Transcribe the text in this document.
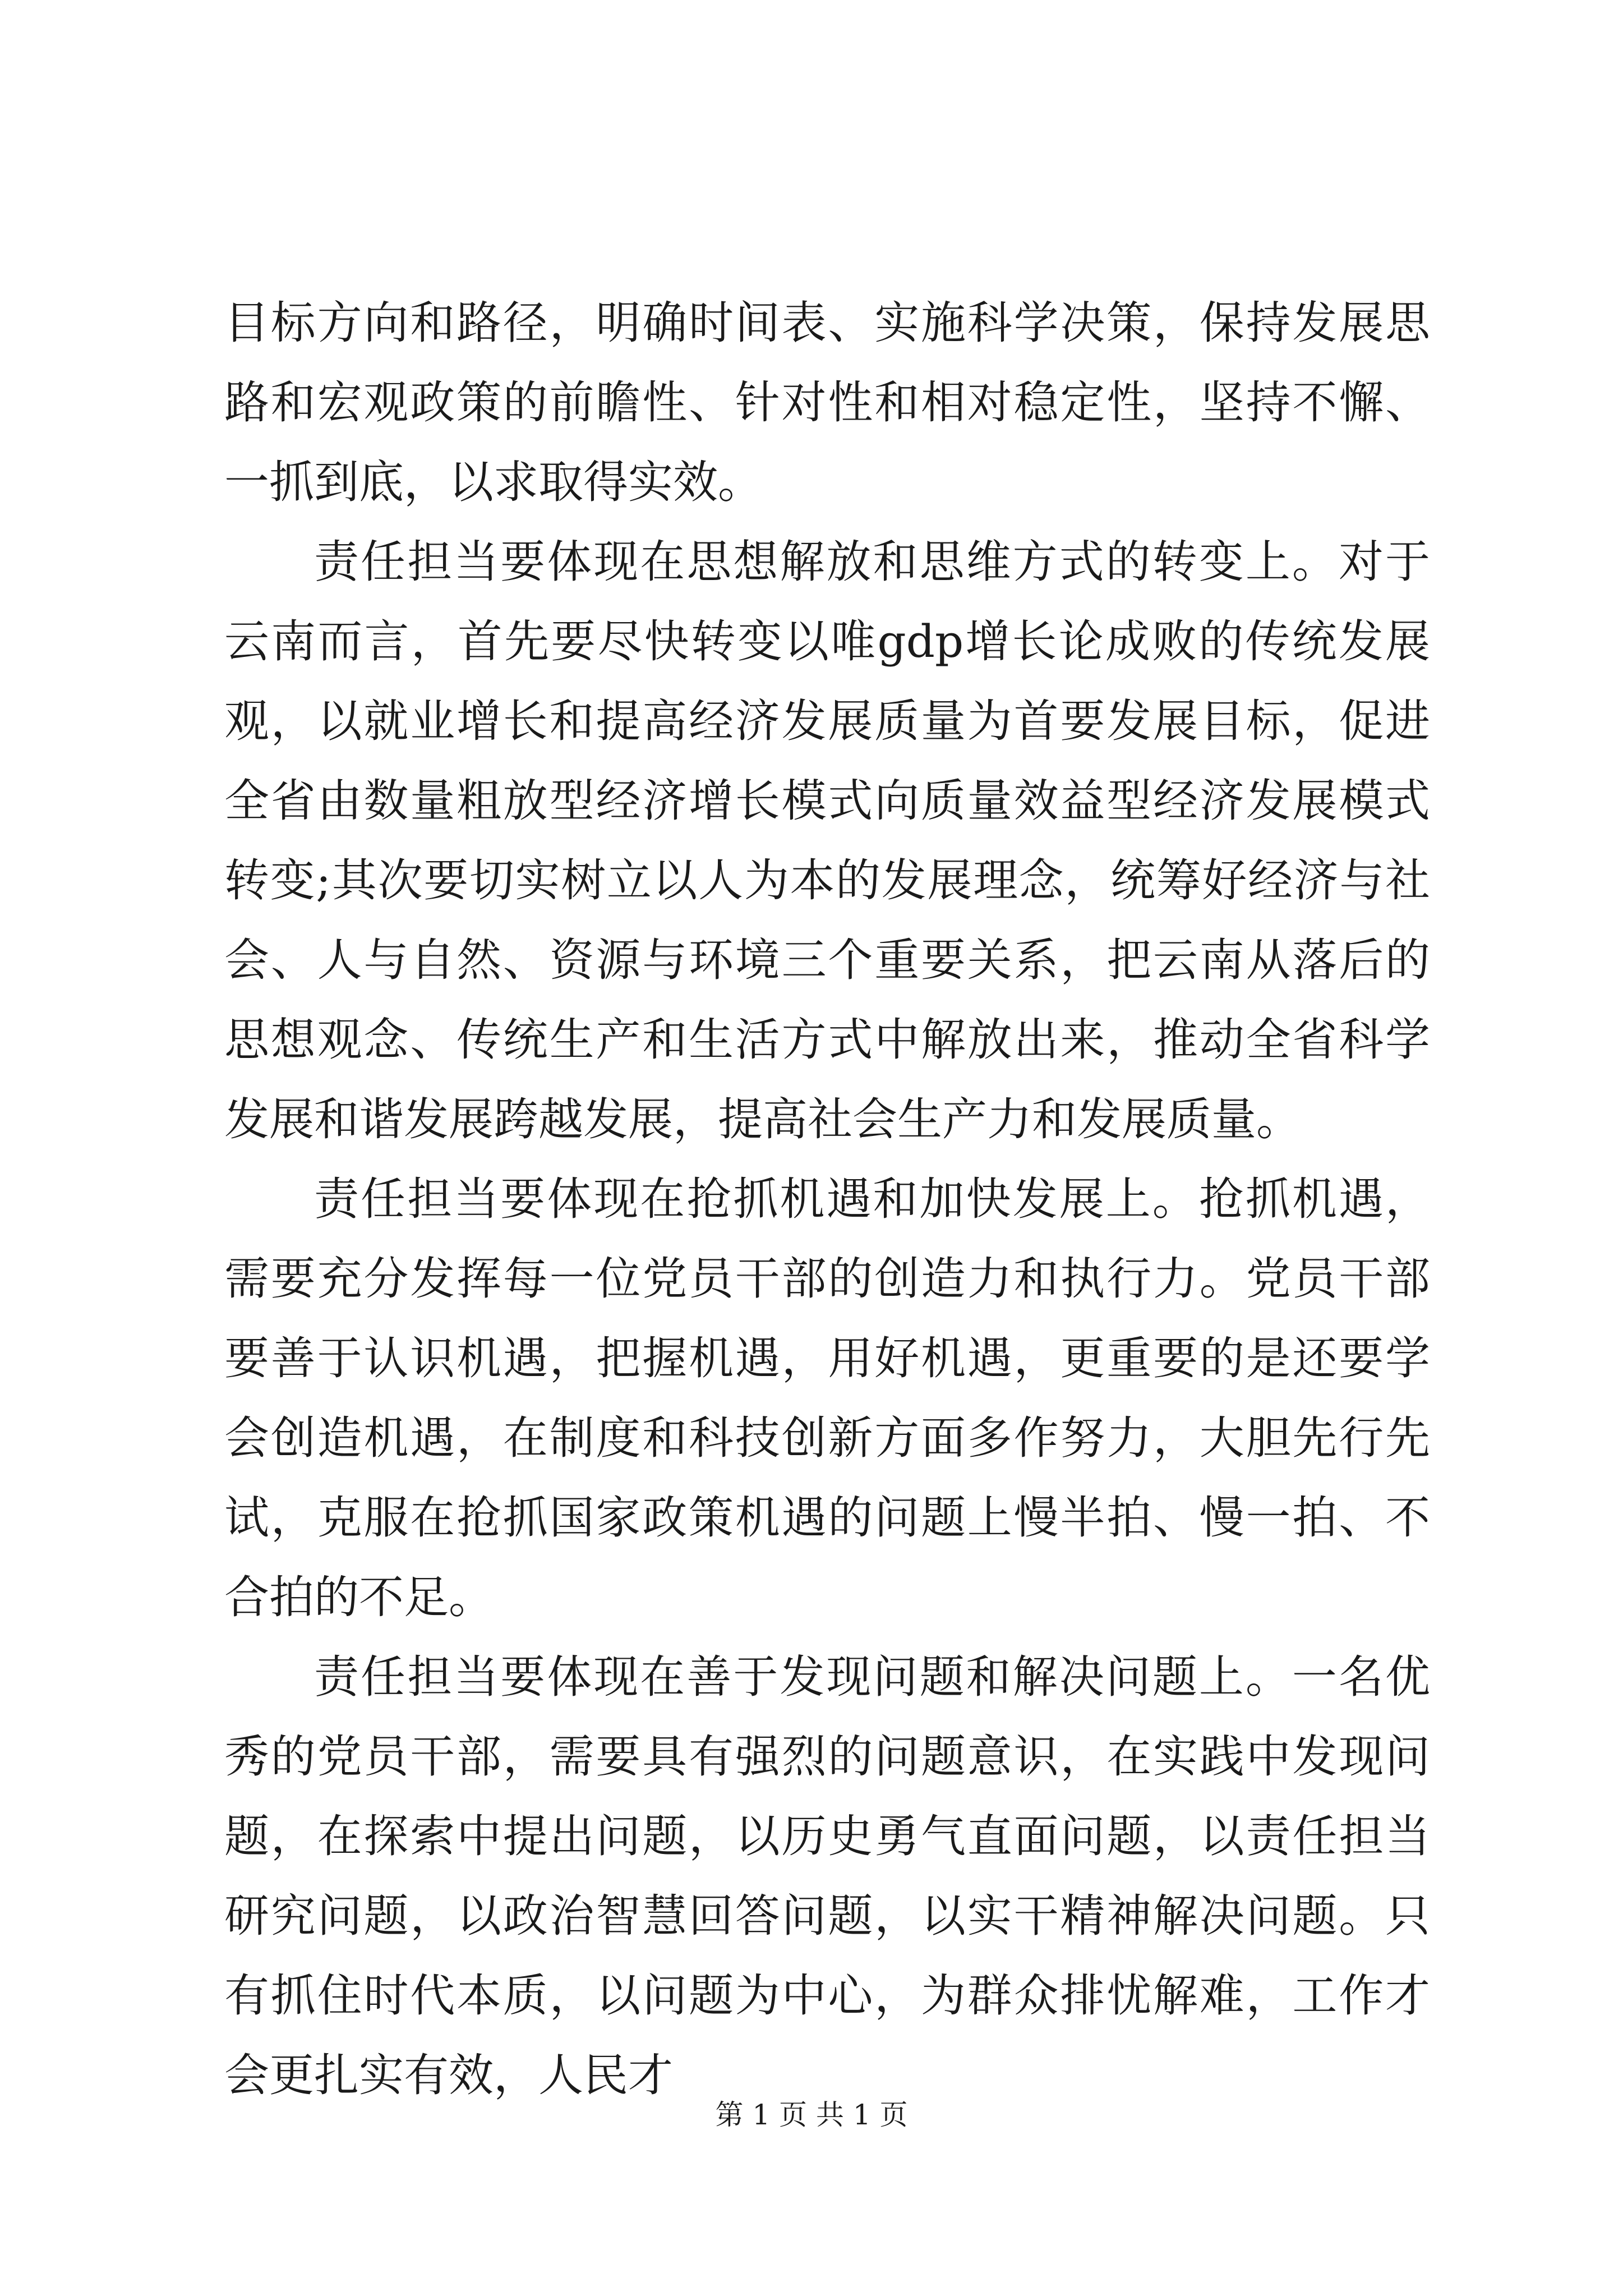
目标方向和路径，明确时间表、实施科学决策，保持发展思路和宏观政策的前瞻性、针对性和相对稳定性，坚持不懈、一抓到底，以求取得实效。

责任担当要体现在思想解放和思维方式的转变上。对于云南而言，首先要尽快转变以唯gdp增长论成败的传统发展观，以就业增长和提高经济发展质量为首要发展目标，促进全省由数量粗放型经济增长模式向质量效益型经济发展模式转变;其次要切实树立以人为本的发展理念，统筹好经济与社会、人与自然、资源与环境三个重要关系，把云南从落后的思想观念、传统生产和生活方式中解放出来，推动全省科学发展和谐发展跨越发展，提高社会生产力和发展质量。

责任担当要体现在抢抓机遇和加快发展上。抢抓机遇，需要充分发挥每一位党员干部的创造力和执行力。党员干部要善于认识机遇，把握机遇，用好机遇，更重要的是还要学会创造机遇，在制度和科技创新方面多作努力，大胆先行先试，克服在抢抓国家政策机遇的问题上慢半拍、慢一拍、不合拍的不足。

责任担当要体现在善于发现问题和解决问题上。一名优秀的党员干部，需要具有强烈的问题意识，在实践中发现问题，在探索中提出问题，以历史勇气直面问题，以责任担当研究问题，以政治智慧回答问题，以实干精神解决问题。只有抓住时代本质，以问题为中心，为群众排忧解难，工作才会更扎实有效，人民才

第 1 页 共 1 页
